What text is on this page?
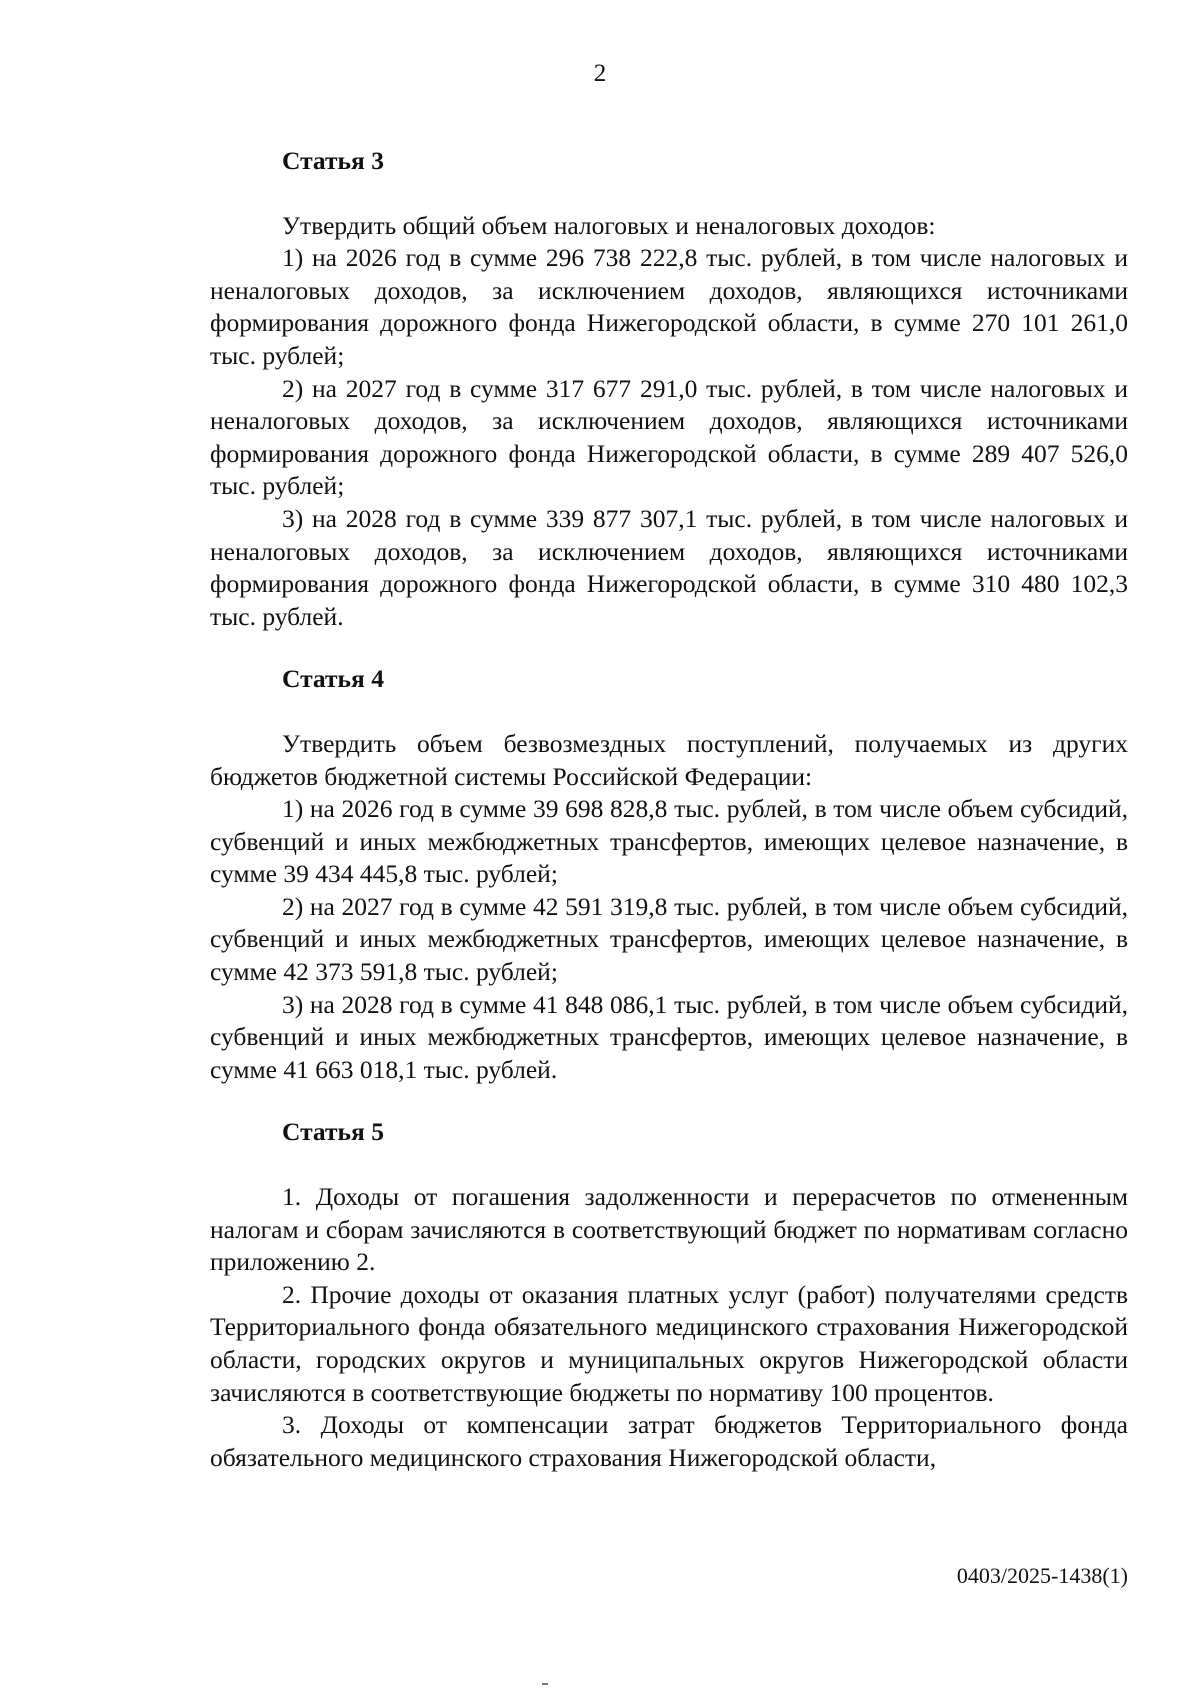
2

Статья 3

Утвердить общий объем налоговых и неналоговых доходов:

1) на 2026 год в сумме 296 738 222,8 тыс. рублей, в том числе налоговых и неналоговых доходов, за исключением доходов, являющихся источниками формирования дорожного фонда Нижегородской области, в сумме 270 101 261,0 тыс. рублей;

2) на 2027 год в сумме 317 677 291,0 тыс. рублей, в том числе налоговых и неналоговых доходов, за исключением доходов, являющихся источниками формирования дорожного фонда Нижегородской области, в сумме 289 407 526,0 тыс. рублей;

3) на 2028 год в сумме 339 877 307,1 тыс. рублей, в том числе налоговых и неналоговых доходов, за исключением доходов, являющихся источниками формирования дорожного фонда Нижегородской области, в сумме 310 480 102,3 тыс. рублей.

Статья 4

Утвердить объем безвозмездных поступлений, получаемых из других бюджетов бюджетной системы Российской Федерации:

1) на 2026 год в сумме 39 698 828,8 тыс. рублей, в том числе объем субсидий, субвенций и иных межбюджетных трансфертов, имеющих целевое назначение, в сумме 39 434 445,8 тыс. рублей;

2) на 2027 год в сумме 42 591 319,8 тыс. рублей, в том числе объем субсидий, субвенций и иных межбюджетных трансфертов, имеющих целевое назначение, в сумме 42 373 591,8 тыс. рублей;

3) на 2028 год в сумме 41 848 086,1 тыс. рублей, в том числе объем субсидий, субвенций и иных межбюджетных трансфертов, имеющих целевое назначение, в сумме 41 663 018,1 тыс. рублей.

Статья 5

1. Доходы от погашения задолженности и перерасчетов по отмененным налогам и сборам зачисляются в соответствующий бюджет по нормативам согласно приложению 2.

2. Прочие доходы от оказания платных услуг (работ) получателями средств Территориального фонда обязательного медицинского страхования Нижегородской области, городских округов и муниципальных округов Нижегородской области зачисляются в соответствующие бюджеты по нормативу 100 процентов.

3. Доходы от компенсации затрат бюджетов Территориального фонда обязательного медицинского страхования Нижегородской области,

0403/2025-1438(1)
